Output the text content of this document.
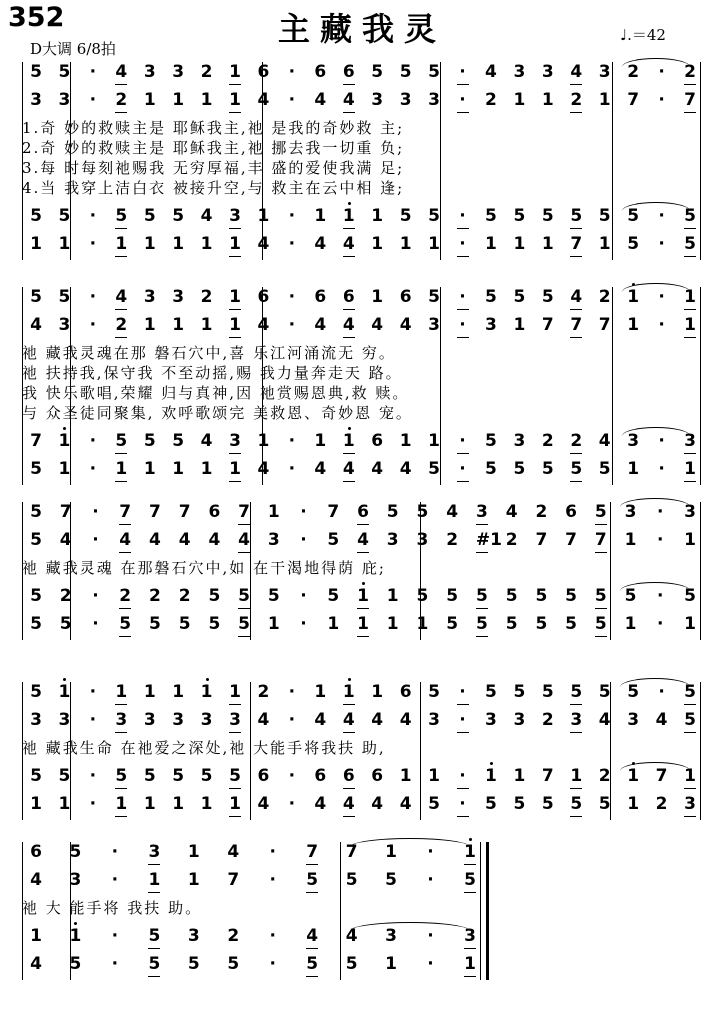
352	主藏我灵
D大调 6/8拍
♩.＝42
5 5 · 4 3 3 2 1 6 · 6 6 5 5 5 · 4 3 3 4 3 2 · 2
3 3 · 2 1 1 1 1 4 · 4 4 3 3 3 · 2 1 1 2 1 7 · 7
5 5 · 5 5 5 4 3 1 · 1 1 1 5 5 · 5 5 5 5 5 5 · 5
1 1 · 1 1 1 1 1 4 · 4 4 1 1 1 · 1 1 1 7 1 5 · 5
1.奇 妙的救赎主是 耶稣我主,祂 是我的奇妙救 主;
2.奇 妙的救赎主是 耶稣我主,祂 挪去我一切重 负;
3.每 时每刻祂赐我 无穷厚福,丰 盛的爱使我满 足;
4.当 我穿上洁白衣 被接升空,与 救主在云中相 逢;
5 5 · 4 3 3 2 1 6 · 6 6 1 6 5 · 5 5 5 4 2 1 · 1
4 3 · 2 1 1 1 1 4 · 4 4 4 4 3 · 3 1 7 7 7 1 · 1
7 1 · 5 5 5 4 3 1 · 1 1 6 1 1 · 5 3 2 2 4 3 · 3
5 1 · 1 1 1 1 1 4 · 4 4 4 4 5 · 5 5 5 5 5 1 · 1
祂 藏我灵魂在那 磐石穴中,喜 乐江河涌流无 穷。
祂 扶持我,保守我 不至动摇,赐 我力量奔走天 路。
我 快乐歌唱,荣耀 归与真神,因 祂赏赐恩典,救 赎。
与 众圣徒同聚集, 欢呼歌颂完 美救恩、奇妙恩 宠。
5 7 · 7 7 7 6 7 1 · 7 6 5 5 4 3 4 2 6 5 3 · 3
5 4 · 4 4 4 4 4 3 · 5 4 3 3 2 #1 2 7 7 7 1 · 1
5 2 · 2 2 2 5 5 5 · 5 1 1 5 5 5 5 5 5 5 5 · 5
5 5 · 5 5 5 5 5 1 · 1 1 1 1 5 5 5 5 5 5 1 · 1
祂 藏我灵魂 在那磐石穴中,如 在干渴地得荫 庇;
5 1 · 1 1 1 1 1 2 · 1 1 1 6 5 · 5 5 5 5 5 5 · 5
3 3 · 3 3 3 3 3 4 · 4 4 4 4 3 · 3 3 2 3 4 3 4 5
5 5 · 5 5 5 5 5 6 · 6 6 6 1 1 · 1 1 7 1 2 1 7 1
1 1 · 1 1 1 1 1 4 · 4 4 4 4 5 · 5 5 5 5 5 1 2 3
祂 藏我生命 在祂爱之深处,祂 大能手将我扶 助,
6 5 · 3 1 4 · 7 7 1 · 1
4 3 · 1 1 7 · 5 5 5 · 5
1 1 · 5 3 2 · 4 4 3 · 3
4 5 · 5 5 5 · 5 5 1 · 1
祂 大 能手将 我扶 助。
